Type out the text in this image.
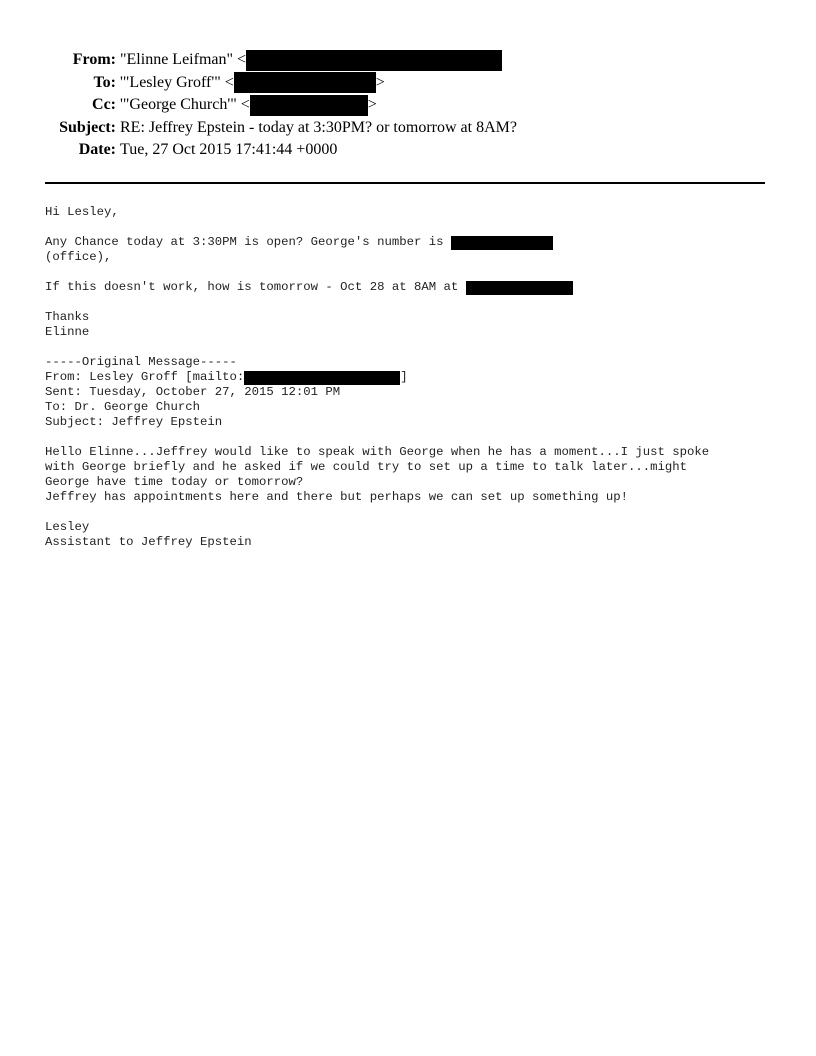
From: "Elinne Leifman" <
To: '"Lesley Groff'" <	>
Cc: '"George Church'" <	>
Subject: RE: Jeffrey Epstein - today at 3:30PM? or tomorrow at 8AM?
Date: Tue, 27 Oct 2015 17:41:44 +0000
Hi Lesley,
Any Chance today at 3:30PM is open? George's number is
(office),
If this doesn't work, how is tomorrow - Oct 28 at 8AM at
Thanks
Elinne
-----Original Message-----
From: Lesley Groff [mailto:	]
Sent: Tuesday, October 27, 2015 12:01 PM
To: Dr. George Church
Subject: Jeffrey Epstein
Hello Elinne...Jeffrey would like to speak with George when he has a moment...I just spoke
with George briefly and he asked if we could try to set up a time to talk later...might
George have time today or tomorrow?
Jeffrey has appointments here and there but perhaps we can set up something up!
Lesley
Assistant to Jeffrey Epstein
